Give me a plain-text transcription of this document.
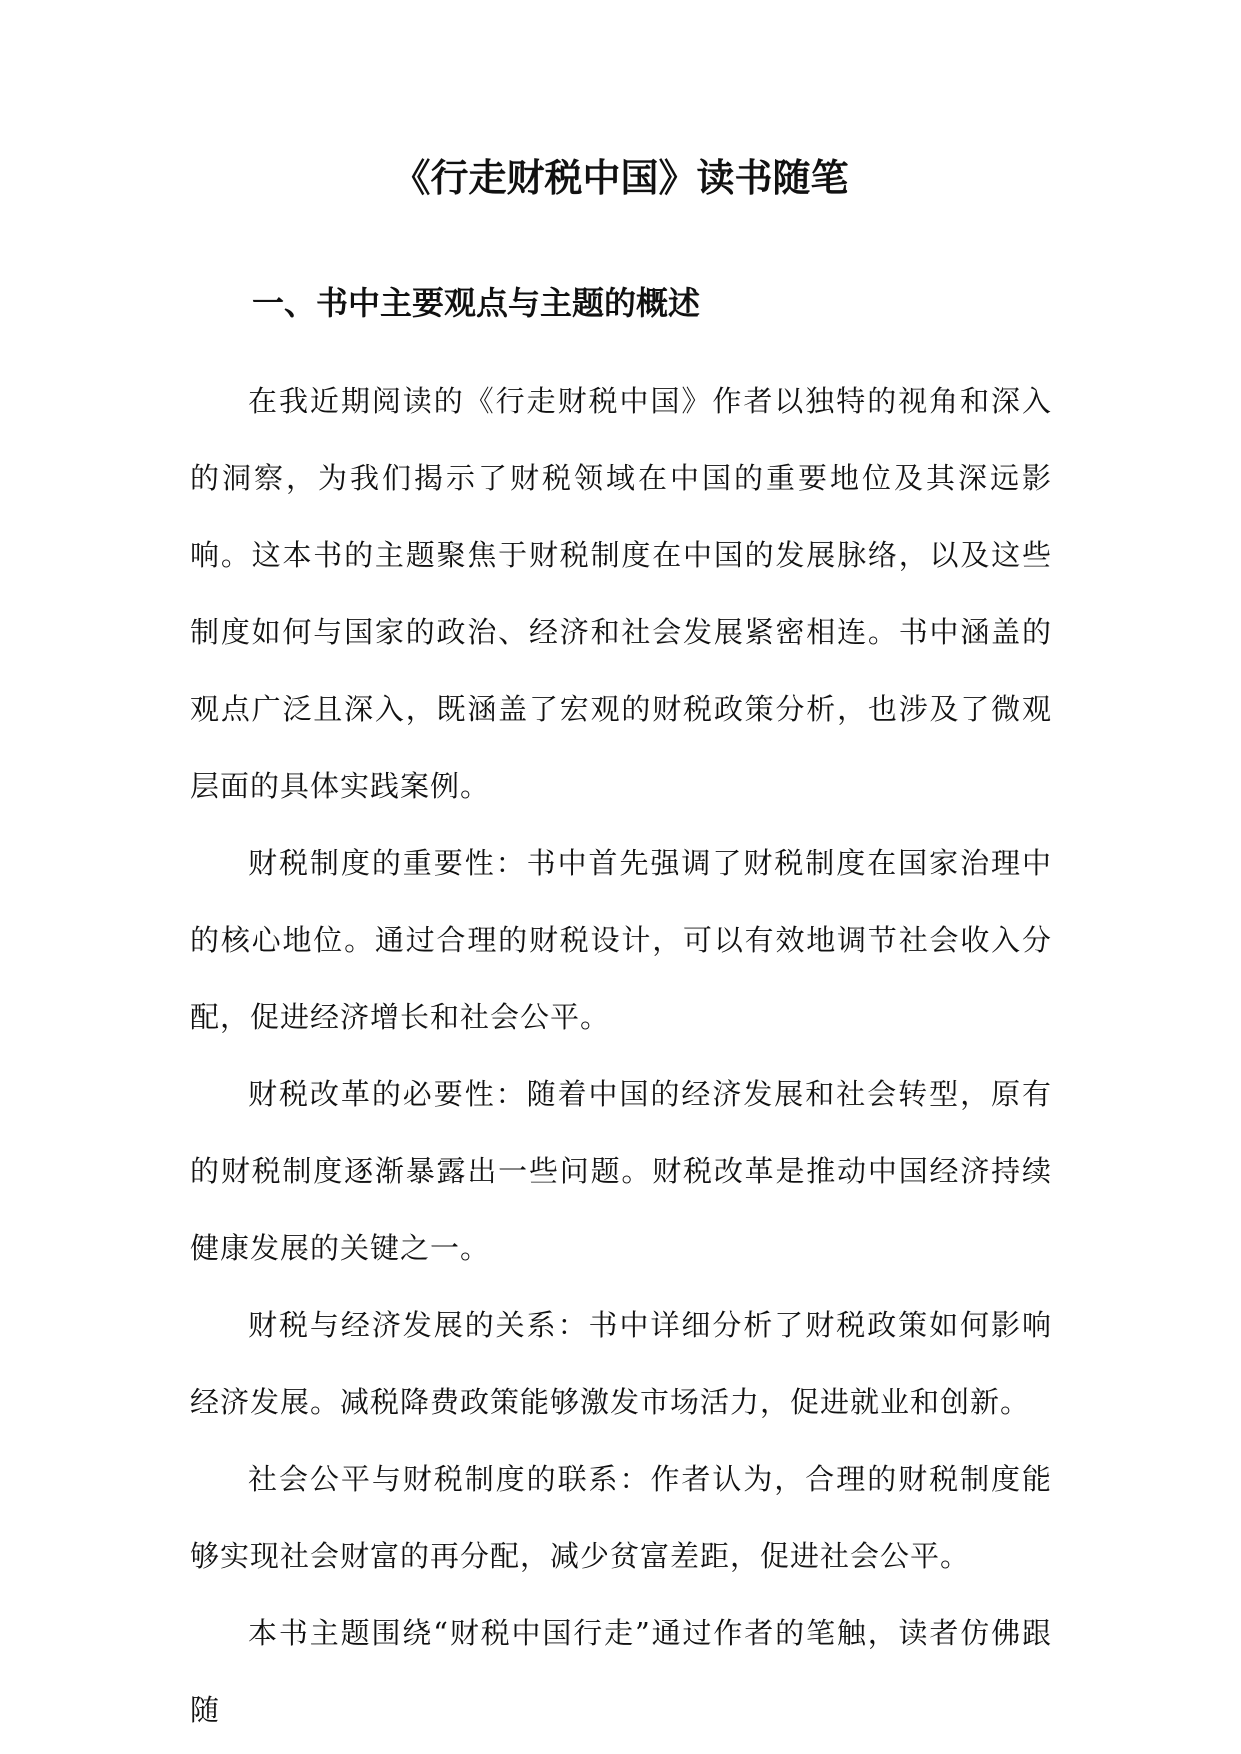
《行走财税中国》读书随笔
一、书中主要观点与主题的概述

在我近期阅读的《行走财税中国》作者以独特的视角和深入的洞察，为我们揭示了财税领域在中国的重要地位及其深远影响。这本书的主题聚焦于财税制度在中国的发展脉络，以及这些制度如何与国家的政治、经济和社会发展紧密相连。书中涵盖的观点广泛且深入，既涵盖了宏观的财税政策分析，也涉及了微观层面的具体实践案例。

财税制度的重要性：书中首先强调了财税制度在国家治理中的核心地位。通过合理的财税设计，可以有效地调节社会收入分配，促进经济增长和社会公平。

财税改革的必要性：随着中国的经济发展和社会转型，原有的财税制度逐渐暴露出一些问题。财税改革是推动中国经济持续健康发展的关键之一。

财税与经济发展的关系：书中详细分析了财税政策如何影响经济发展。减税降费政策能够激发市场活力，促进就业和创新。

社会公平与财税制度的联系：作者认为，合理的财税制度能够实现社会财富的再分配，减少贫富差距，促进社会公平。

本书主题围绕“财税中国行走”通过作者的笔触，读者仿佛跟随
